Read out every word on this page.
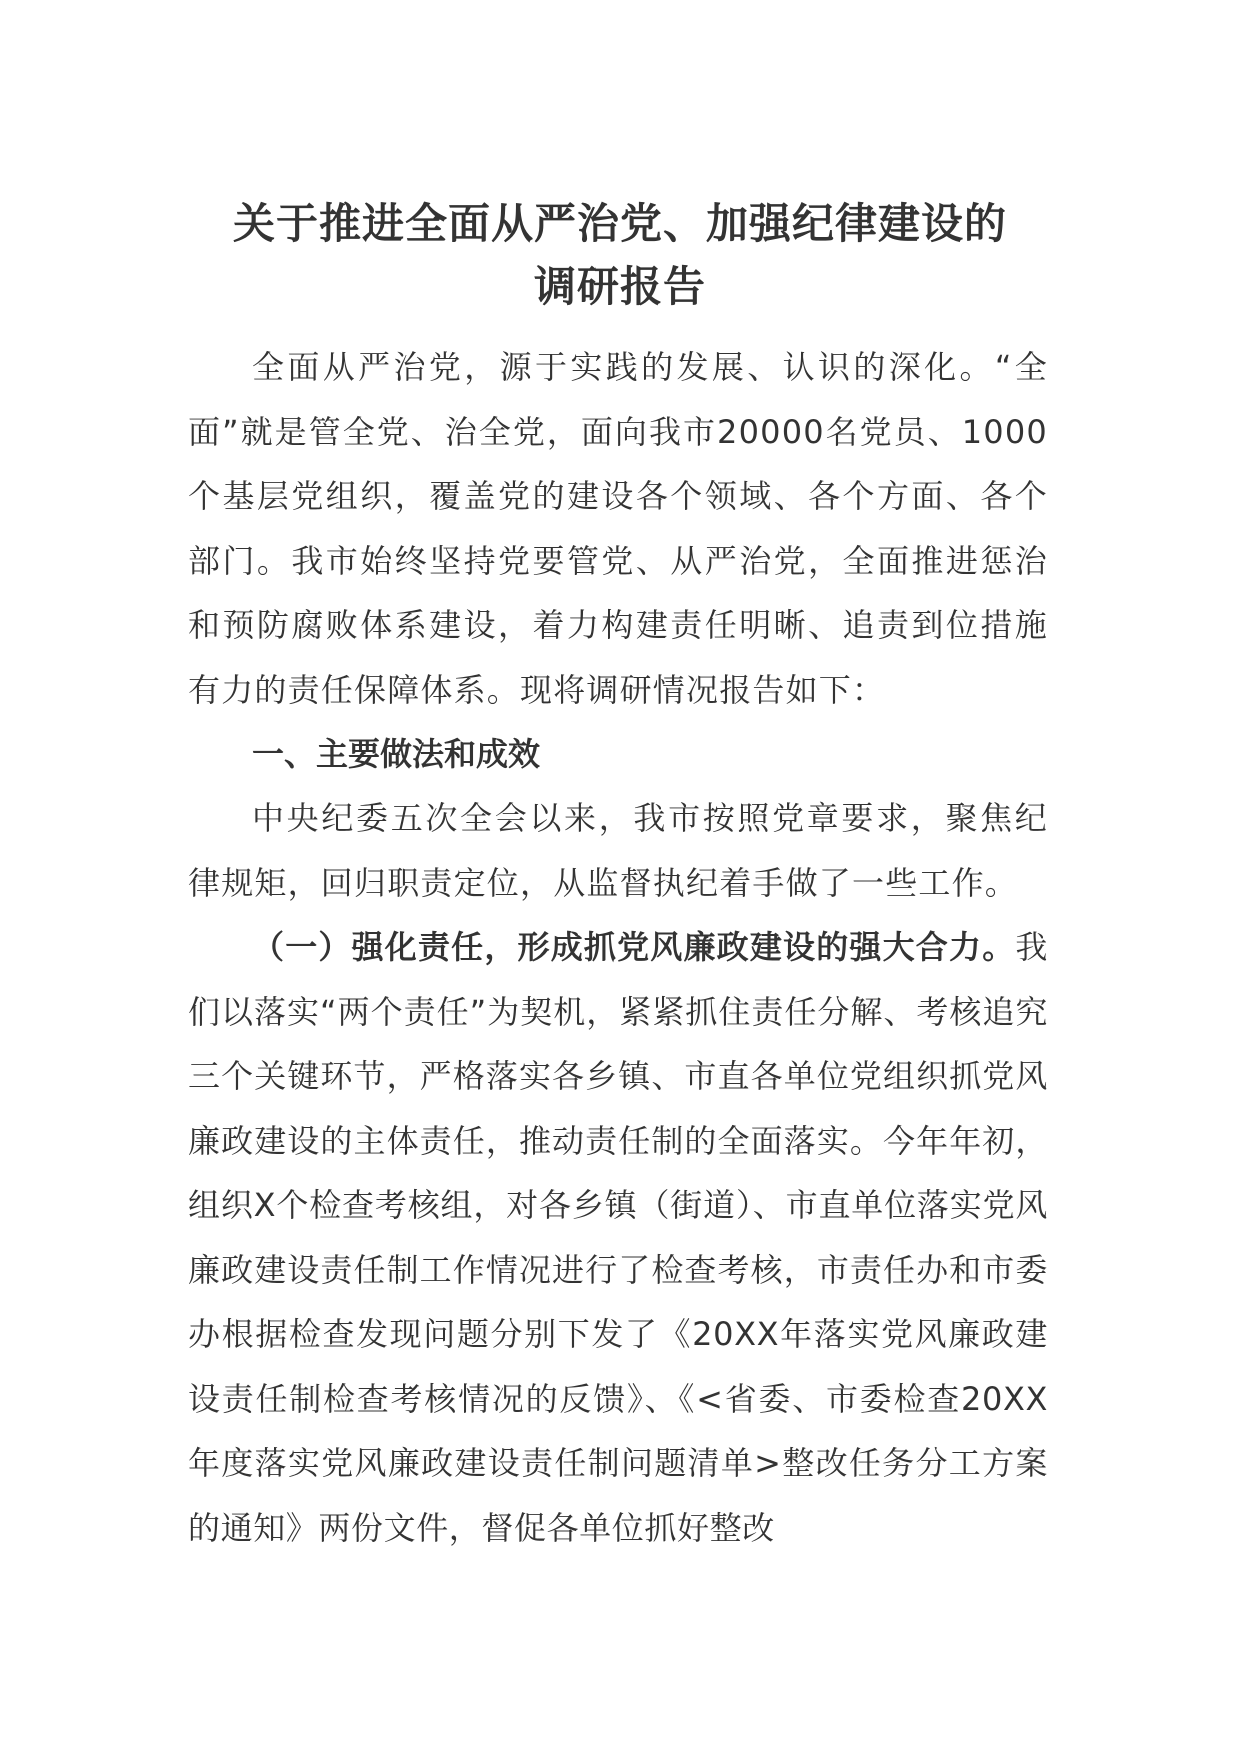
关于推进全面从严治党、加强纪律建设的
调研报告

全面从严治党，源于实践的发展、认识的深化。“全面”就是管全党、治全党，面向我市20000名党员、1000个基层党组织，覆盖党的建设各个领域、各个方面、各个部门。我市始终坚持党要管党、从严治党，全面推进惩治和预防腐败体系建设，着力构建责任明晰、追责到位措施有力的责任保障体系。现将调研情况报告如下：

一、主要做法和成效

中央纪委五次全会以来，我市按照党章要求，聚焦纪律规矩，回归职责定位，从监督执纪着手做了一些工作。

（一）强化责任，形成抓党风廉政建设的强大合力。我们以落实“两个责任”为契机，紧紧抓住责任分解、考核追究三个关键环节，严格落实各乡镇、市直各单位党组织抓党风廉政建设的主体责任，推动责任制的全面落实。今年年初，组织X个检查考核组，对各乡镇（街道）、市直单位落实党风廉政建设责任制工作情况进行了检查考核，市责任办和市委办根据检查发现问题分别下发了《20XX年落实党风廉政建设责任制检查考核情况的反馈》、《<省委、市委检查20XX年度落实党风廉政建设责任制问题清单>整改任务分工方案的通知》两份文件，督促各单位抓好整改
